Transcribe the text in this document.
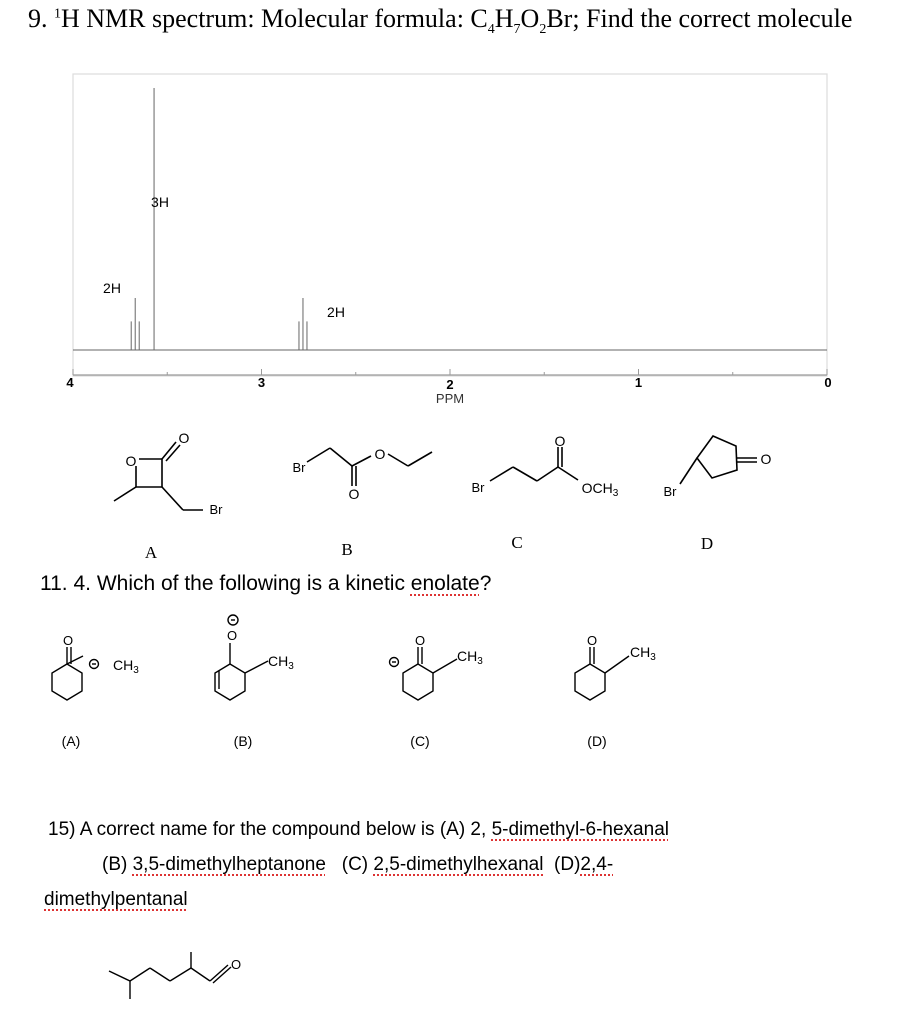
9. $^1$H NMR spectrum: Molecular formula: $C_4H_7O_2Br$; Find the correct molecule
4	3	2	1	0
PPM
2H
3H
2H
O
O
Br
Br
O
O	Br
O
$OCH_3$
O
Br
A	B	C	D
O
$CH_3$
O
$CH_3$
O
$CH_3$
O
$CH_3$
(A)	(B)	(C)	(D)
O
11. 4. Which of the following is a kinetic enolate?
15) A correct name for the compound below is (A) 2, 5-dimethyl-6-hexanal
(B) 3,5-dimethylheptanone   (C) 2,5-dimethylhexanal  (D)2,4-
dimethylpentanal
